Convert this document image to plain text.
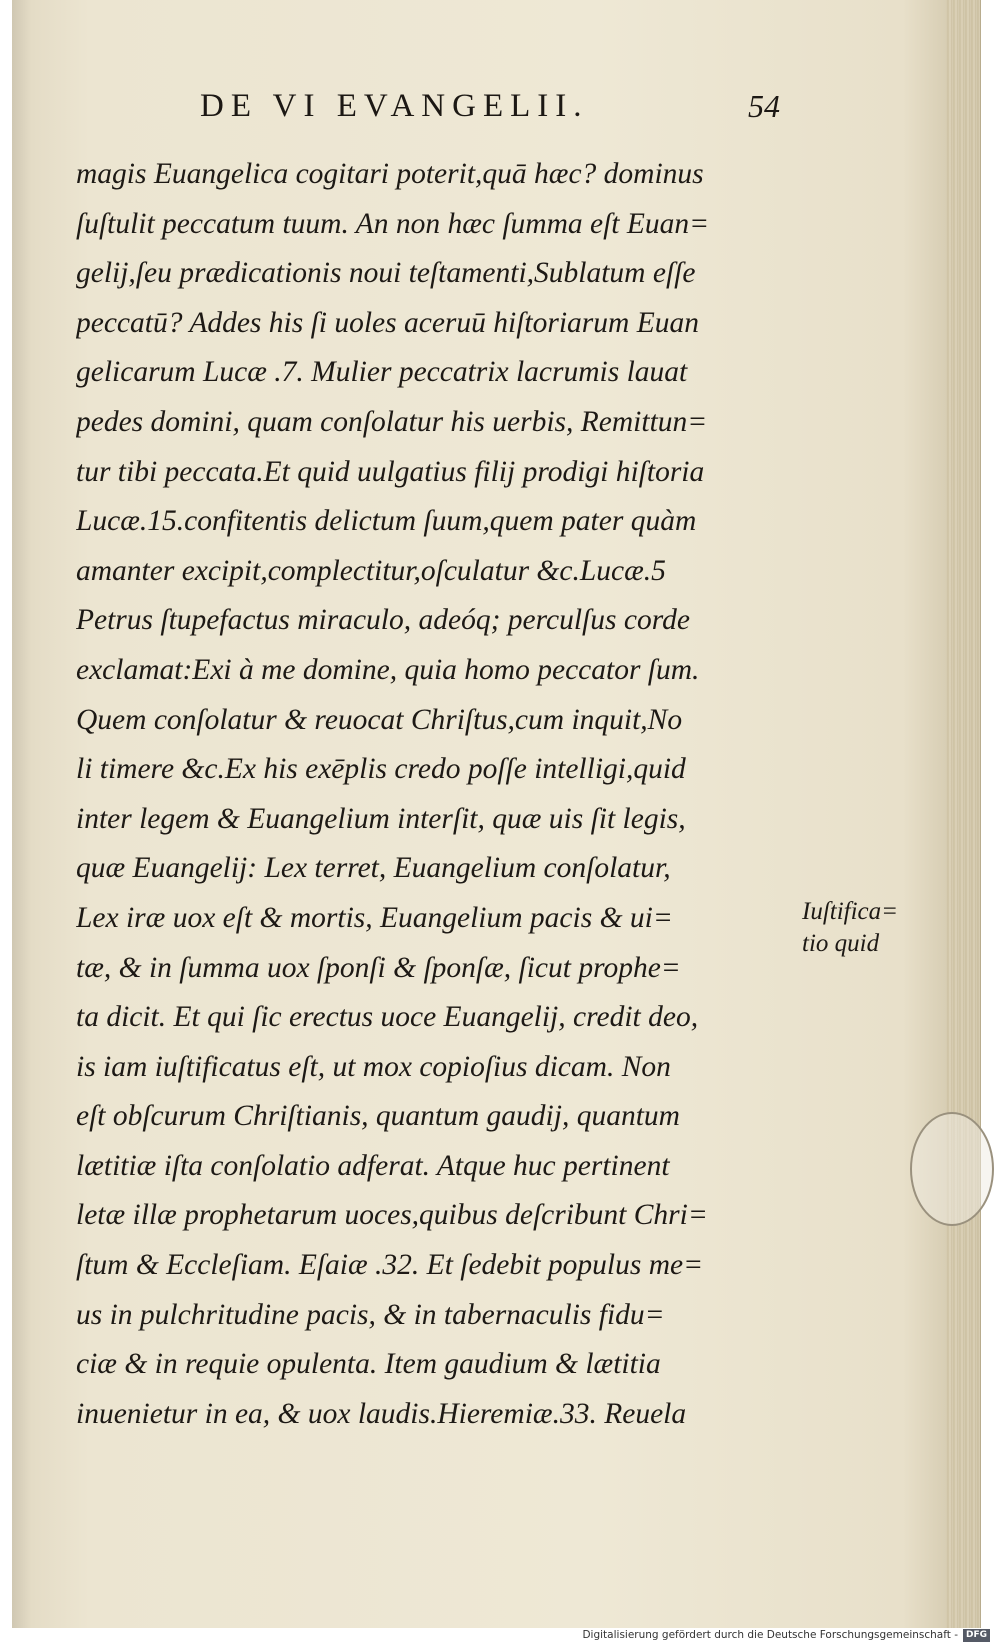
DE VI EVANGELII.	54
magis Euangelica cogitari poterit,quā hæc? dominus
ſuſtulit peccatum tuum. An non hæc ſumma eſt Euan=
gelij,ſeu prædicationis noui teſtamenti,Sublatum eſſe
peccatū? Addes his ſi uoles aceruū hiſtoriarum Euan
gelicarum Lucæ .7. Mulier peccatrix lacrumis lauat
pedes domini, quam conſolatur his uerbis, Remittun=
tur tibi peccata.Et quid uulgatius filij prodigi hiſtoria
Lucæ.15.confitentis delictum ſuum,quem pater quàm
amanter excipit,complectitur,oſculatur &c.Lucæ.5
Petrus ſtupefactus miraculo, adeóq; perculſus corde
exclamat:Exi à me domine, quia homo peccator ſum.
Quem conſolatur & reuocat Chriſtus,cum inquit,No
li timere &c.Ex his exēplis credo poſſe intelligi,quid
inter legem & Euangelium interſit, quæ uis ſit legis,
quæ Euangelij: Lex terret, Euangelium conſolatur,
Lex iræ uox eſt & mortis, Euangelium pacis & ui=
tæ, & in ſumma uox ſponſi & ſponſæ, ſicut prophe=
ta dicit. Et qui ſic erectus uoce Euangelij, credit deo,
is iam iuſtificatus eſt, ut mox copioſius dicam. Non
eſt obſcurum Chriſtianis, quantum gaudij, quantum
lætitiæ iſta conſolatio adferat. Atque huc pertinent
letæ illæ prophetarum uoces,quibus deſcribunt Chri=
ſtum & Eccleſiam. Eſaiæ .32. Et ſedebit populus me=
us in pulchritudine pacis, & in tabernaculis fidu=
ciæ & in requie opulenta. Item gaudium & lætitia
inuenietur in ea, & uox laudis.Hieremiæ.33. Reuela
Iuſtifica=
tio quid
Digitalisierung gefördert durch die Deutsche Forschungsgemeinschaft - DFG
